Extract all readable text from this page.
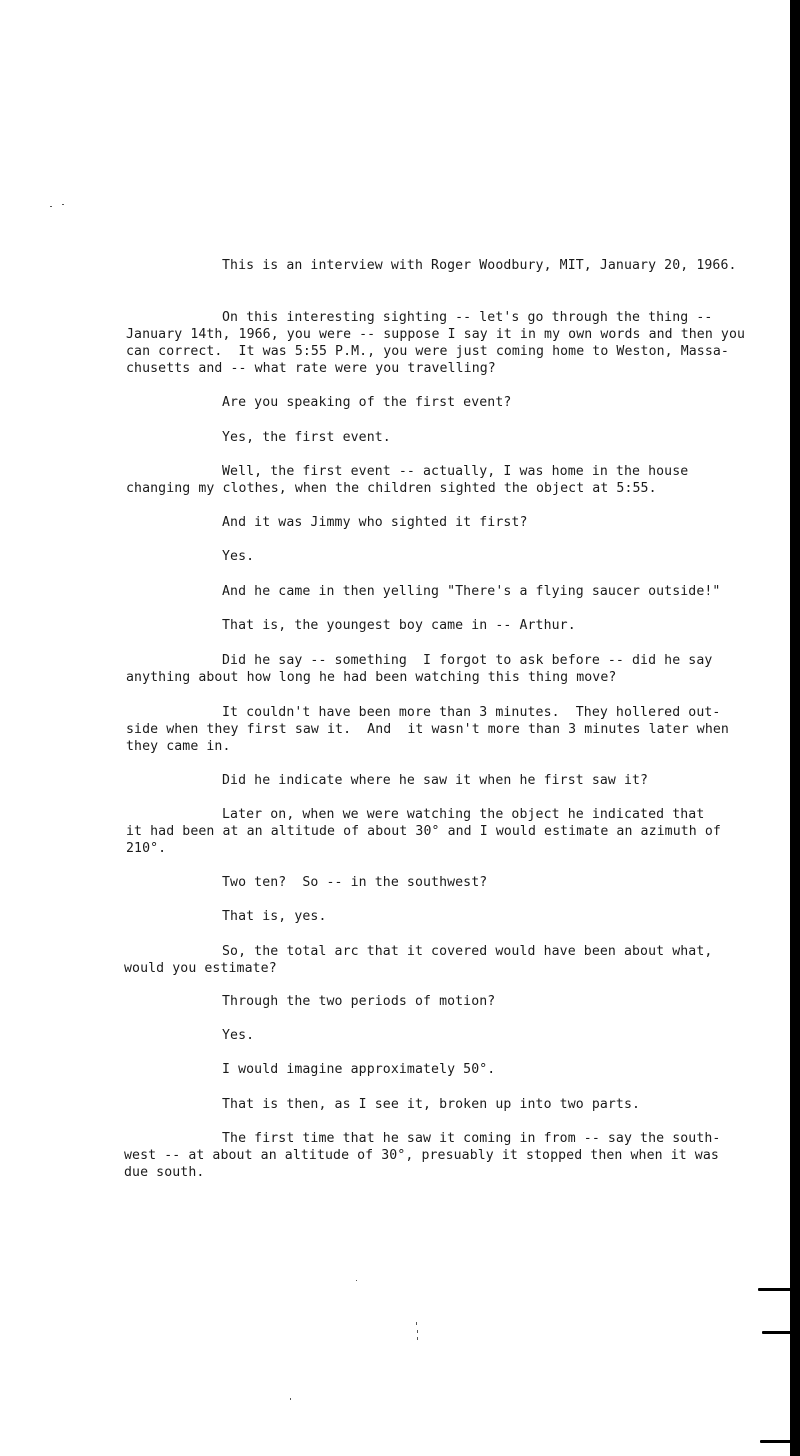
This is an interview with Roger Woodbury, MIT, January 20, 1966.
On this interesting sighting -- let's go through the thing --
January 14th, 1966, you were -- suppose I say it in my own words and then you
can correct.  It was 5:55 P.M., you were just coming home to Weston, Massa-
chusetts and -- what rate were you travelling?
Are you speaking of the first event?
Yes, the first event.
Well, the first event -- actually, I was home in the house
changing my clothes, when the children sighted the object at 5:55.
And it was Jimmy who sighted it first?
Yes.
And he came in then yelling "There's a flying saucer outside!"
That is, the youngest boy came in -- Arthur.
Did he say -- something  I forgot to ask before -- did he say
anything about how long he had been watching this thing move?
It couldn't have been more than 3 minutes.  They hollered out-
side when they first saw it.  And  it wasn't more than 3 minutes later when
they came in.
Did he indicate where he saw it when he first saw it?
Later on, when we were watching the object he indicated that
it had been at an altitude of about 30° and I would estimate an azimuth of
210°.
Two ten?  So -- in the southwest?
That is, yes.
So, the total arc that it covered would have been about what,
would you estimate?
Through the two periods of motion?
Yes.
I would imagine approximately 50°.
That is then, as I see it, broken up into two parts.
The first time that he saw it coming in from -- say the south-
west -- at about an altitude of 30°, presuably it stopped then when it was
due south.
